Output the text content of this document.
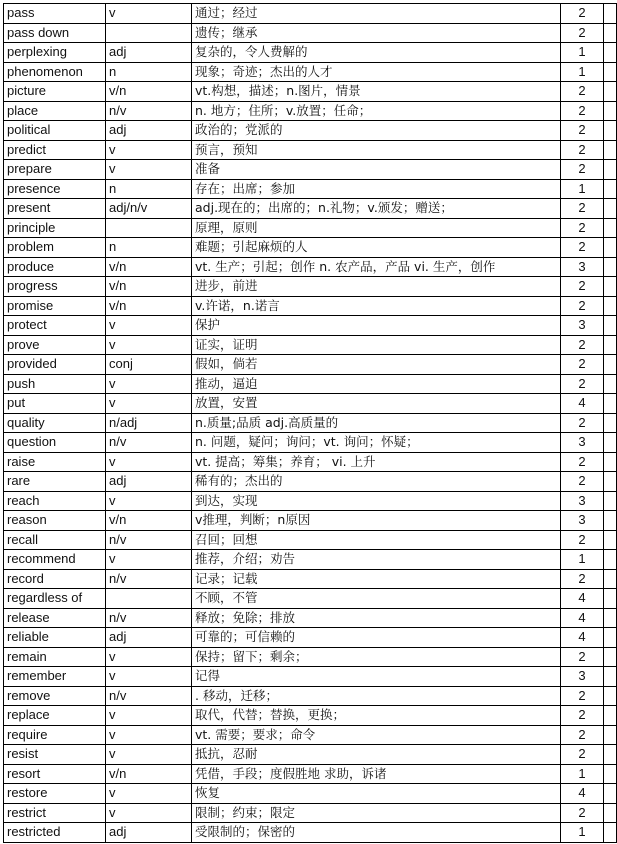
pass	v	通过；经过	2	
pass down		遗传；继承	2	
perplexing	adj	复杂的，令人费解的	1	
phenomenon	n	现象；奇迹；杰出的人才	1	
picture	v/n	vt.构想，描述；n.图片，情景	2	
place	n/v	n. 地方；住所；v.放置；任命；	2	
political	adj	政治的；党派的	2	
predict	v	预言，预知	2	
prepare	v	准备	2	
presence	n	存在；出席；参加	1	
present	adj/n/v	adj.现在的；出席的；n.礼物；v.颁发；赠送；	2	
principle		原理，原则	2	
problem	n	难题；引起麻烦的人	2	
produce	v/n	vt. 生产；引起；创作 n. 农产品，产品 vi. 生产，创作	3	
progress	v/n	进步，前进	2	
promise	v/n	v.许诺，n.诺言	2	
protect	v	保护	3	
prove	v	证实，证明	2	
provided	conj	假如，倘若	2	
push	v	推动，逼迫	2	
put	v	放置，安置	4	
quality	n/adj	n.质量;品质 adj.高质量的	2	
question	n/v	n. 问题，疑问；询问；vt. 询问；怀疑；	3	
raise	v	vt. 提高；筹集；养育； vi. 上升	2	
rare	adj	稀有的；杰出的	2	
reach	v	到达，实现	3	
reason	v/n	v推理，判断；n原因	3	
recall	n/v	召回；回想	2	
recommend	v	推荐，介绍；劝告	1	
record	n/v	记录；记载	2	
regardless of		不顾，不管	4	
release	n/v	释放；免除；排放	4	
reliable	adj	可靠的；可信赖的	4	
remain	v	保持；留下；剩余；	2	
remember	v	记得	3	
remove	n/v	. 移动，迁移；	2	
replace	v	取代，代替；替换，更换；	2	
require	v	vt. 需要；要求；命令	2	
resist	v	抵抗，忍耐	2	
resort	v/n	凭借，手段；度假胜地 求助，诉诸	1	
restore	v	恢复	4	
restrict	v	限制；约束；限定	2	
restricted	adj	受限制的；保密的	1	
